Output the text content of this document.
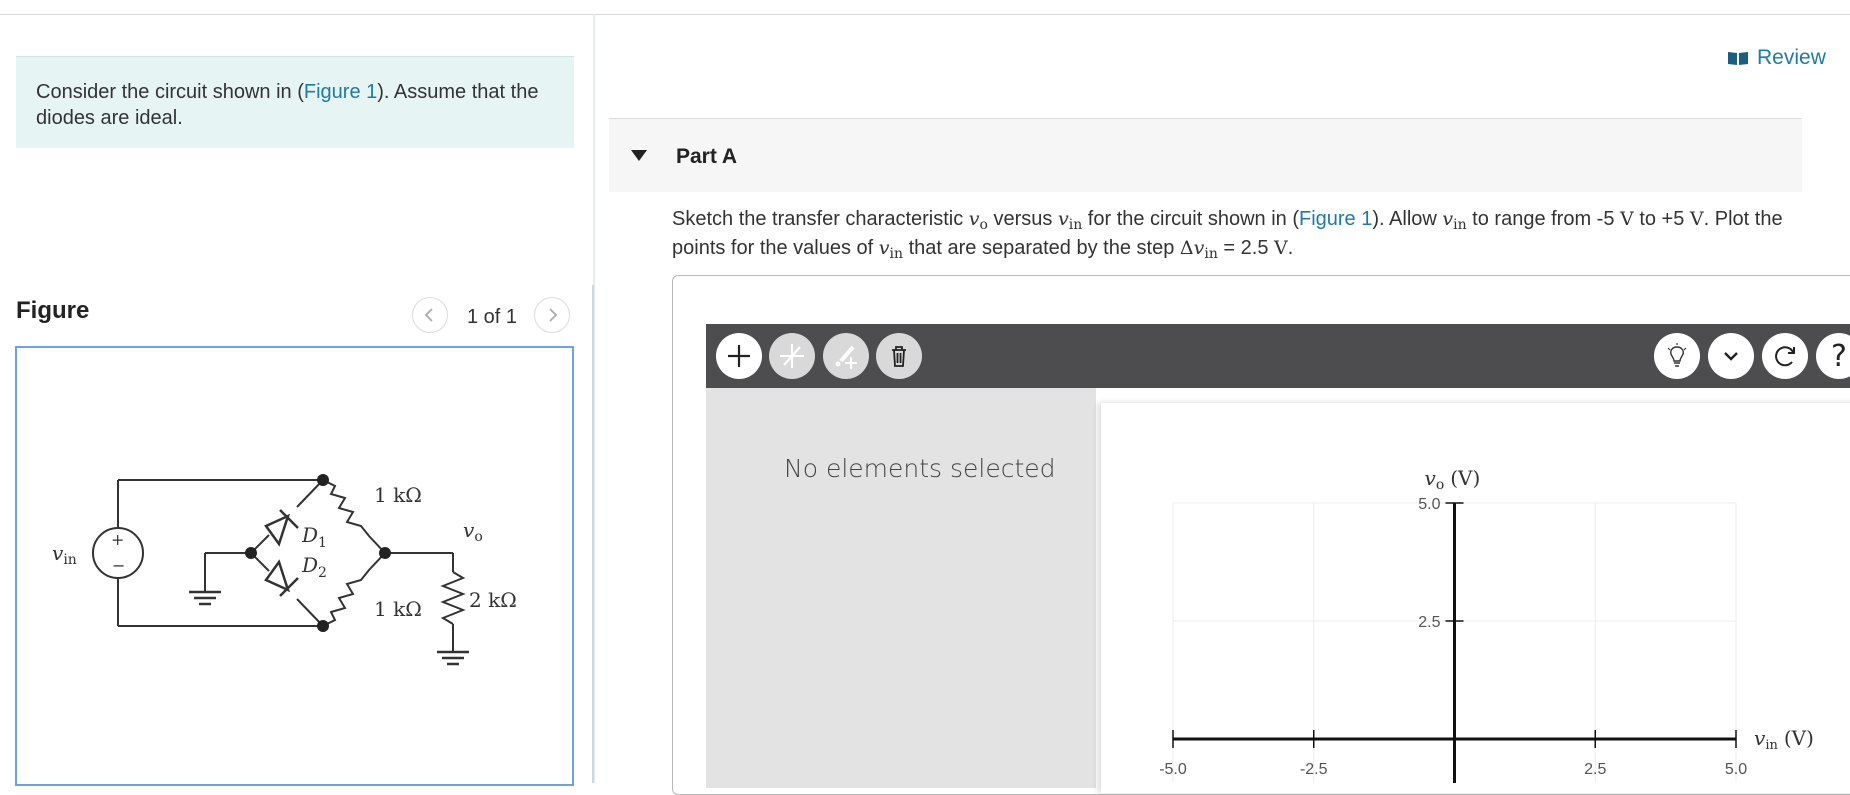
Consider the circuit shown in (Figure 1). Assume that the diodes are ideal.
Figure	1 of 1
$v_{in}$
+
−
$D_1$
$D_2$
1 kΩ
1 kΩ 2 kΩ
$v_o$
Review
Part A
Sketch the transfer characteristic $v_o$ versus $v_{in}$ for the circuit shown in (Figure 1). Allow $v_{in}$ to range from -5 V to +5 V. Plot the points for the values of $v_{in}$ that are separated by the step $\Delta v_{in} = 2.5$ V.
?
No elements selected
-5.0	-2.5	2.5	5.0
2.5
5.0
$v_o$ (V)
$v_{in}$ (V)
